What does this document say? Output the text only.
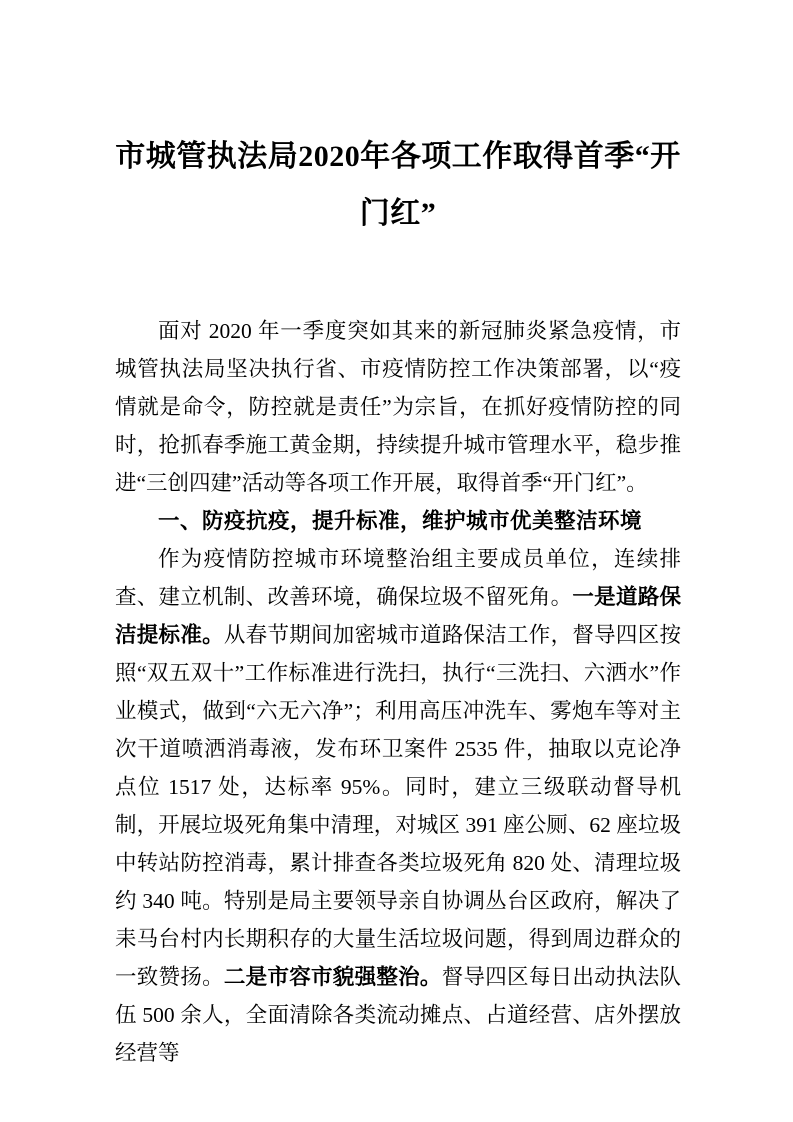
市城管执法局2020年各项工作取得首季“开门红”

面对 2020 年一季度突如其来的新冠肺炎紧急疫情，市城管执法局坚决执行省、市疫情防控工作决策部署，以“疫情就是命令，防控就是责任”为宗旨，在抓好疫情防控的同时，抢抓春季施工黄金期，持续提升城市管理水平，稳步推进“三创四建”活动等各项工作开展，取得首季“开门红”。

一、防疫抗疫，提升标准，维护城市优美整洁环境

作为疫情防控城市环境整治组主要成员单位，连续排查、建立机制、改善环境，确保垃圾不留死角。一是道路保洁提标准。从春节期间加密城市道路保洁工作，督导四区按照“双五双十”工作标准进行洗扫，执行“三洗扫、六洒水”作业模式，做到“六无六净”；利用高压冲洗车、雾炮车等对主次干道喷洒消毒液，发布环卫案件 2535 件，抽取以克论净点位 1517 处，达标率 95%。同时，建立三级联动督导机制，开展垃圾死角集中清理，对城区 391 座公厕、62 座垃圾中转站防控消毒，累计排查各类垃圾死角 820 处、清理垃圾约 340 吨。特别是局主要领导亲自协调丛台区政府，解决了耒马台村内长期积存的大量生活垃圾问题，得到周边群众的一致赞扬。二是市容市貌强整治。督导四区每日出动执法队伍 500 余人，全面清除各类流动摊点、占道经营、店外摆放经营等
